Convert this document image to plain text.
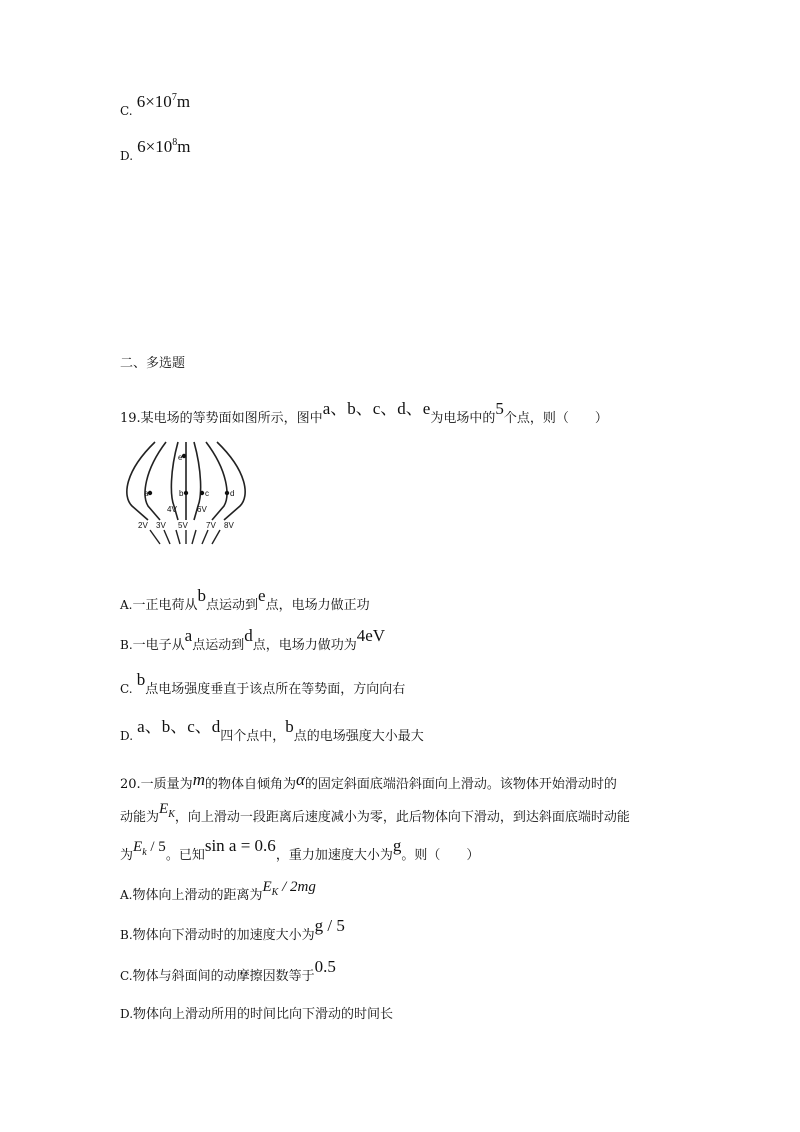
C. $6\times 10^7m$
D. $6\times 10^8m$
二、多选题
19.某电场的等势面如图所示，图中a、b、c、d、e为电场中的5个点，则（　　）
e
a	b	c	d
4V	6V
2V 3V 5V 7V 8V
A.一正电荷从b点运动到e点，电场力做正功
B.一电子从a点运动到d点，电场力做功为4eV
C. b点电场强度垂直于该点所在等势面，方向向右
D. a、b、c、d四个点中，b点的电场强度大小最大
20.一质量为m的物体自倾角为α的固定斜面底端沿斜面向上滑动。该物体开始滑动时的
动能为$E_K$，向上滑动一段距离后速度减小为零，此后物体向下滑动，到达斜面底端时动能
为$E_k / 5$。已知sin a = 0.6，重力加速度大小为g。则（　　）
A.物体向上滑动的距离为$E_K / 2mg$
B.物体向下滑动时的加速度大小为g / 5
C.物体与斜面间的动摩擦因数等于0.5
D.物体向上滑动所用的时间比向下滑动的时间长
